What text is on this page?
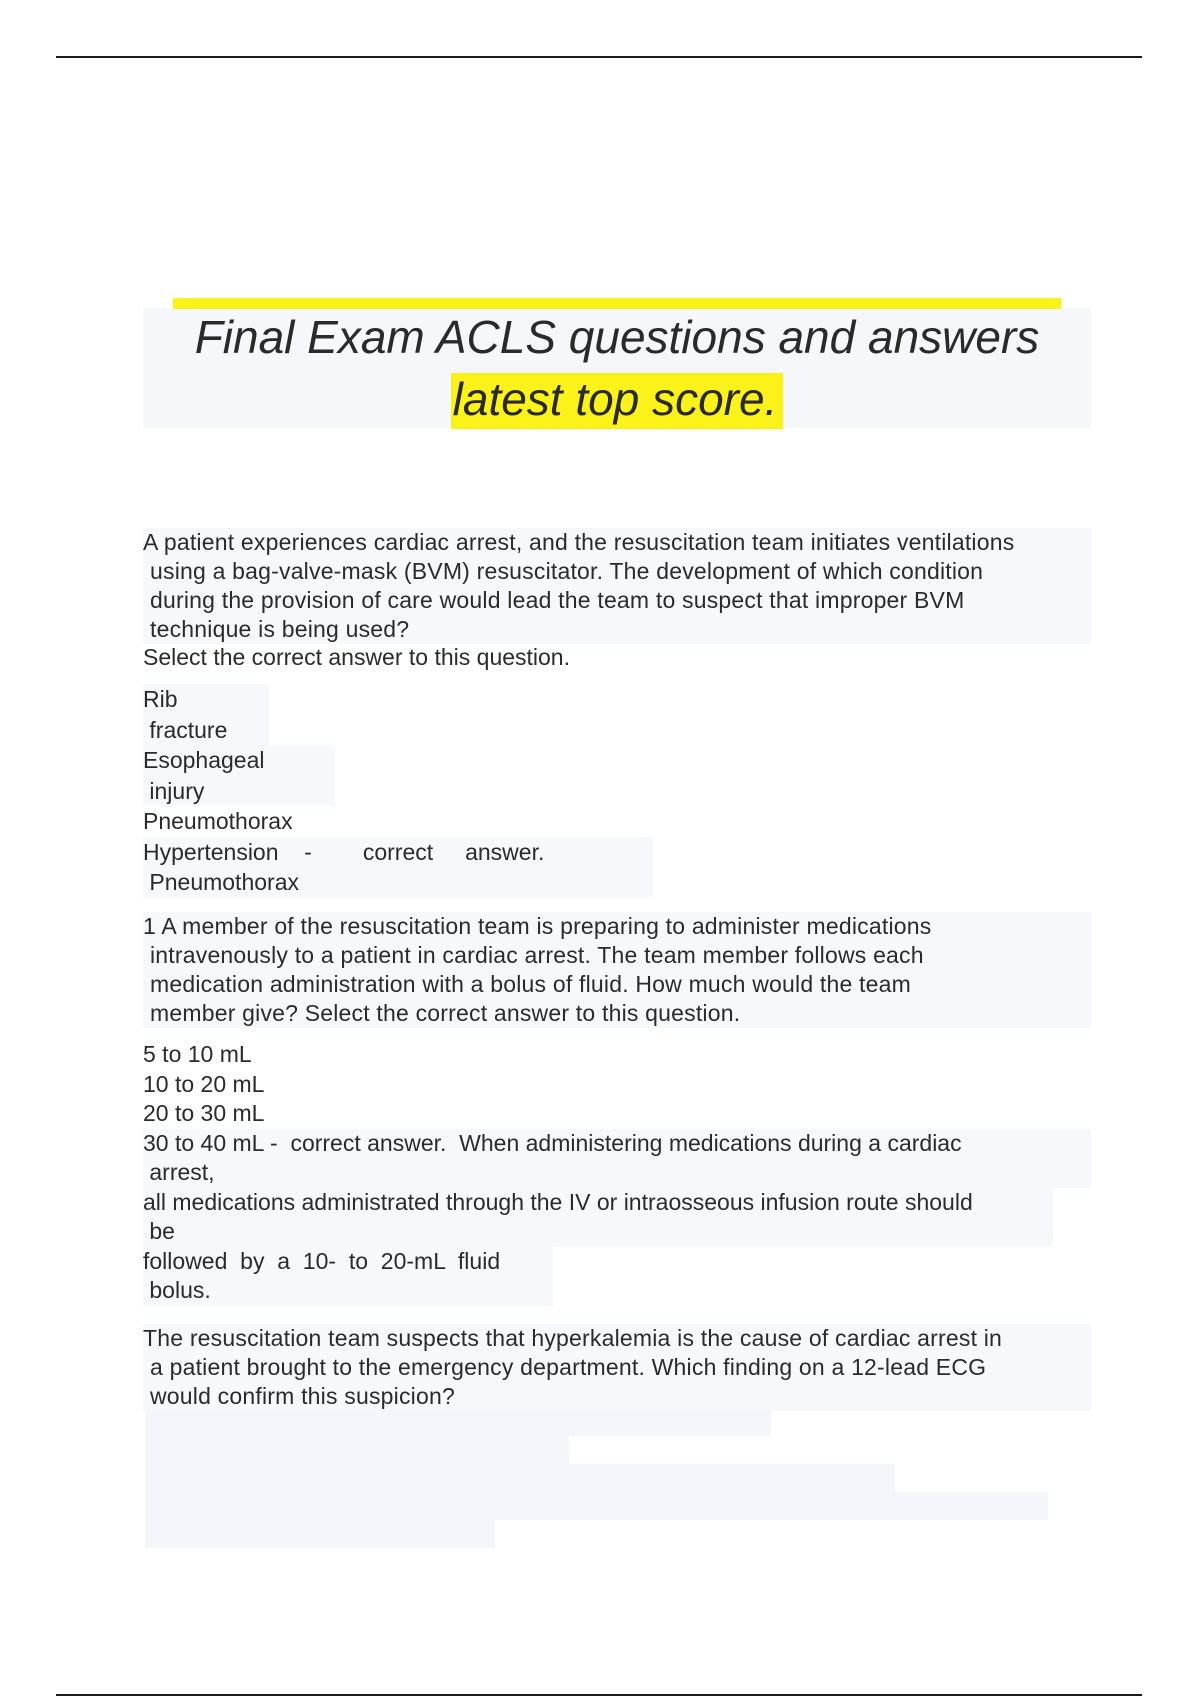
Final Exam ACLS questions and answers
latest top score.
A patient experiences cardiac arrest, and the resuscitation team initiates ventilations
using a bag-valve-mask (BVM) resuscitator. The development of which condition
during the provision of care would lead the team to suspect that improper BVM
technique is being used?
Select the correct answer to this question.
Rib
fracture
Esophageal
injury
Pneumothorax
Hypertension    -        correct     answer.
Pneumothorax
1 A member of the resuscitation team is preparing to administer medications
intravenously to a patient in cardiac arrest. The team member follows each
medication administration with a bolus of fluid. How much would the team
member give? Select the correct answer to this question.
5 to 10 mL
10 to 20 mL
20 to 30 mL
30 to 40 mL -  correct answer.  When administering medications during a cardiac
arrest,
all medications administrated through the IV or intraosseous infusion route should
be
followed  by  a  10-  to  20-mL  fluid
bolus.
The resuscitation team suspects that hyperkalemia is the cause of cardiac arrest in
a patient brought to the emergency department. Which finding on a 12-lead ECG
would confirm this suspicion?
